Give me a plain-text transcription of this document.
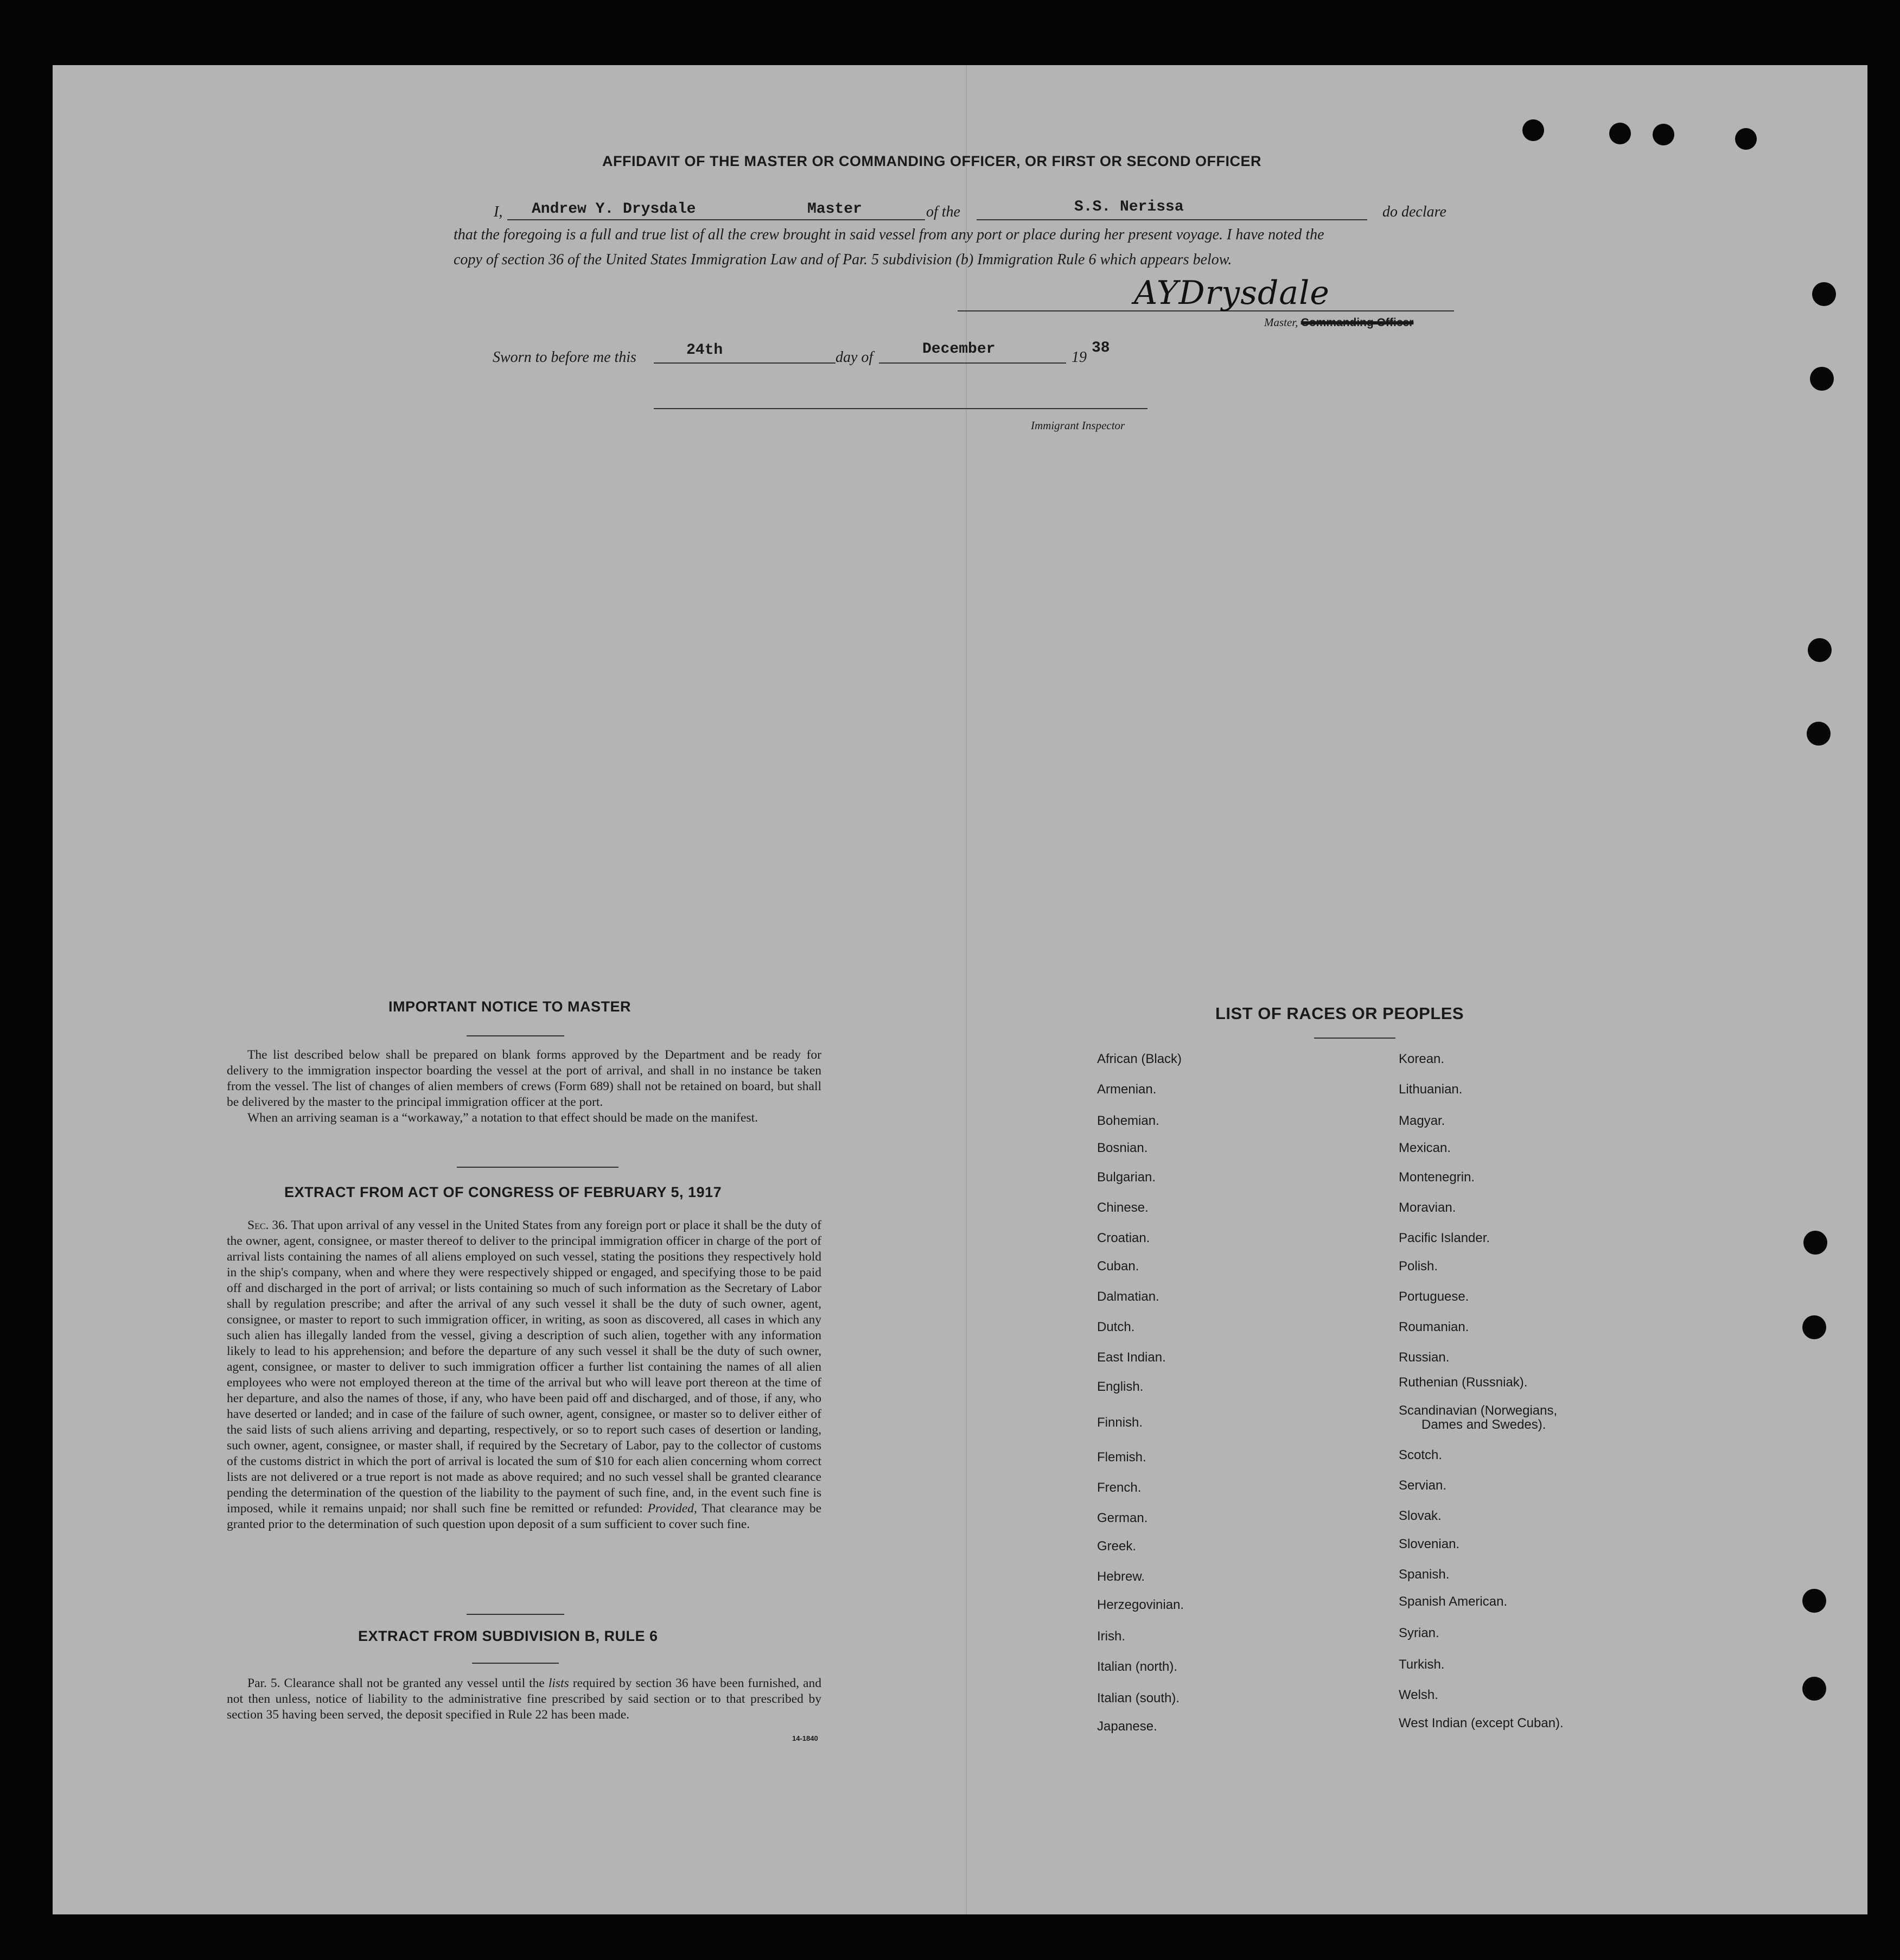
AFFIDAVIT OF THE MASTER OR COMMANDING OFFICER, OR FIRST OR SECOND OFFICER
I, Andrew Y. Drysdale	Master	of the	S.S. Nerissa	do declare
that the foregoing is a full and true list of all the crew brought in said vessel from any port or place during her present voyage. I have noted the
copy of section 36 of the United States Immigration Law and of Par. 5 subdivision (b) Immigration Rule 6 which appears below.
AYDrysdale
Master, Commanding Officer
Sworn to before me this	24th	day of	December	19
38
Immigrant Inspector
IMPORTANT NOTICE TO MASTER

The list described below shall be prepared on blank forms approved by the Department and be ready for delivery to the immigration inspector boarding the vessel at the port of arrival, and shall in no instance be taken from the vessel. The list of changes of alien members of crews (Form 689) shall not be retained on board, but shall be delivered by the master to the principal immigration officer at the port.

When an arriving seaman is a “workaway,” a notation to that effect should be made on the manifest.

EXTRACT FROM ACT OF CONGRESS OF FEBRUARY 5, 1917

Sec. 36. That upon arrival of any vessel in the United States from any foreign port or place it shall be the duty of the owner, agent, consignee, or master thereof to deliver to the principal immigration officer in charge of the port of arrival lists containing the names of all aliens employed on such vessel, stating the positions they respectively hold in the ship's company, when and where they were respectively shipped or engaged, and specifying those to be paid off and discharged in the port of arrival; or lists containing so much of such information as the Secretary of Labor shall by regulation prescribe; and after the arrival of any such vessel it shall be the duty of such owner, agent, consignee, or master to report to such immigration officer, in writing, as soon as discovered, all cases in which any such alien has illegally landed from the vessel, giving a description of such alien, together with any information likely to lead to his apprehension; and before the departure of any such vessel it shall be the duty of such owner, agent, consignee, or master to deliver to such immigration officer a further list containing the names of all alien employees who were not employed thereon at the time of the arrival but who will leave port thereon at the time of her departure, and also the names of those, if any, who have been paid off and discharged, and of those, if any, who have deserted or landed; and in case of the failure of such owner, agent, consignee, or master so to deliver either of the said lists of such aliens arriving and departing, respectively, or so to report such cases of desertion or landing, such owner, agent, consignee, or master shall, if required by the Secretary of Labor, pay to the collector of customs of the customs district in which the port of arrival is located the sum of $10 for each alien concerning whom correct lists are not delivered or a true report is not made as above required; and no such vessel shall be granted clearance pending the determination of the question of the liability to the payment of such fine, and, in the event such fine is imposed, while it remains unpaid; nor shall such fine be remitted or refunded: Provided, That clearance may be granted prior to the determination of such question upon deposit of a sum sufficient to cover such fine.

EXTRACT FROM SUBDIVISION B, RULE 6

Par. 5. Clearance shall not be granted any vessel until the lists required by section 36 have been furnished, and not then unless, notice of liability to the administrative fine prescribed by said section or to that prescribed by section 35 having been served, the deposit specified in Rule 22 has been made.

14-1840
LIST OF RACES OR PEOPLES
African (Black)
Armenian.
Bohemian.
Bosnian.
Bulgarian.
Chinese.
Croatian.
Cuban.
Dalmatian.
Dutch.
East Indian.
English.
Finnish.
Flemish.
French.
German.
Greek.
Hebrew.
Herzegovinian.
Irish.
Italian (north).
Italian (south).
Japanese.
Korean.
Lithuanian.
Magyar.
Mexican.
Montenegrin.
Moravian.
Pacific Islander.
Polish.
Portuguese.
Roumanian.
Russian.
Ruthenian (Russniak).
Scandinavian (Norwegians,
Dames and Swedes).
Scotch.
Servian.
Slovak.
Slovenian.
Spanish.
Spanish American.
Syrian.
Turkish.
Welsh.
West Indian (except Cuban).
